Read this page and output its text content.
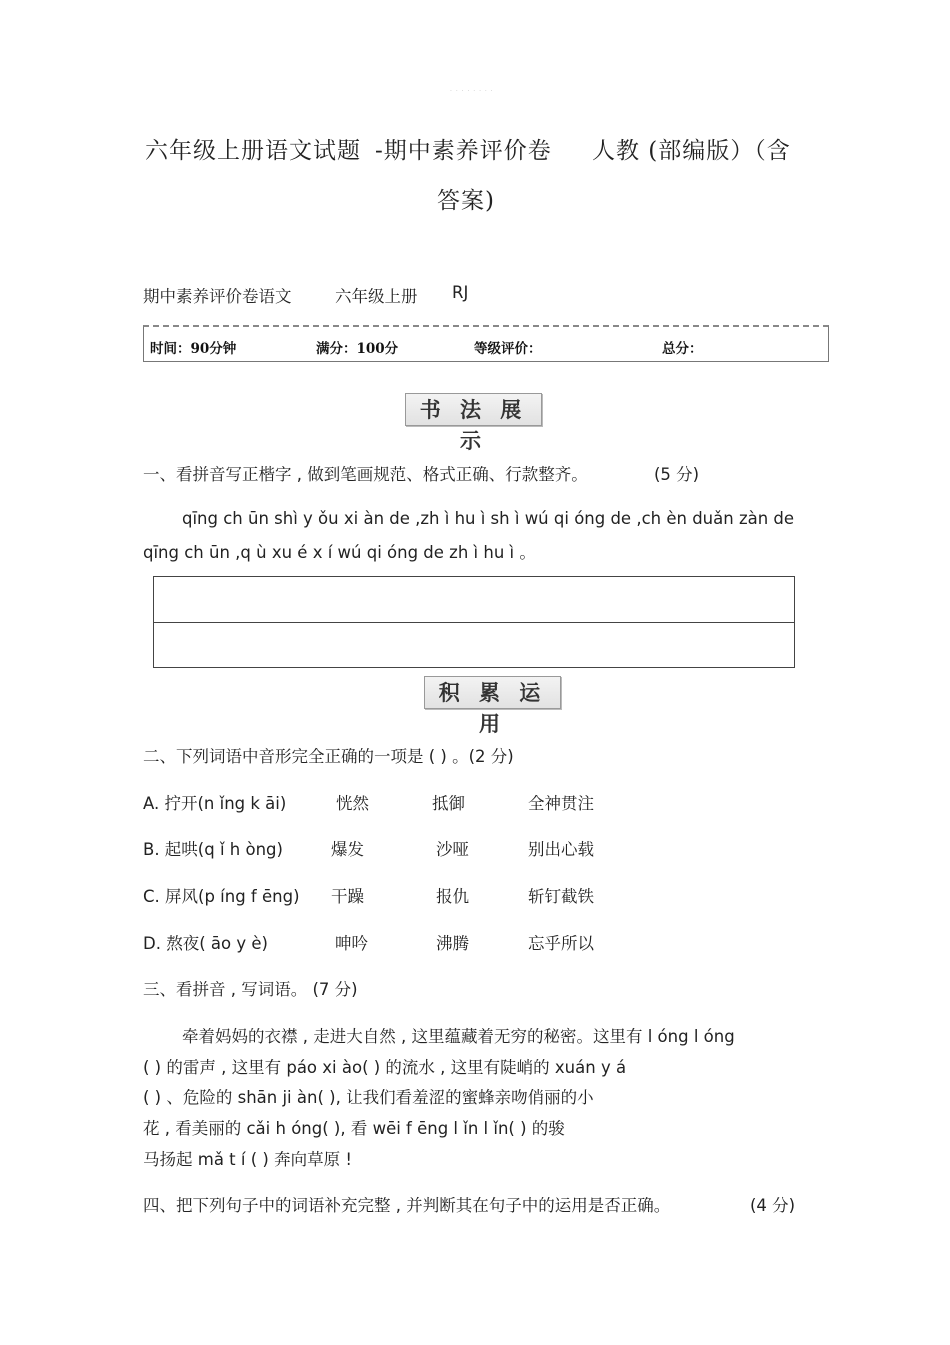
· · · · · · · ·
六年级上册语文试题 -期中素养评价卷 人教 (部编版）（含
答案)
期中素养评价卷语文	六年级上册 RJ
时间：90分钟	满分：100分	等级评价：	总分：
书 法 展 示
一、看拼音写正楷字 , 做到笔画规范、格式正确、行款整齐。	(5 分)
qīng ch ūn shì y ǒu xi àn de ,zh ì hu ì sh ì wú qi óng de ,ch èn duǎn zàn de
qīng ch ūn ,q ù xu é x í wú qi óng de zh ì hu ì 。
积 累 运 用
二、下列词语中音形完全正确的一项是 ( ) 。(2 分)
A. 拧开(n ǐng k āi)	恍然	抵御	全神贯注
B. 起哄(q ǐ h òng)	爆发	沙哑	别出心载
C. 屏风(p íng f ēng) 干躁	报仇	斩钉截铁
D. 熬夜( āo y è)	呻吟	沸腾	忘乎所以
三、看拼音 , 写词语。 (7 分)
牵着妈妈的衣襟 , 走进大自然 , 这里蕴藏着无穷的秘密。这里有 l óng l óng
( ) 的雷声 , 这里有 páo xi ào( ) 的流水 , 这里有陡峭的 xuán y á
( ) 、危险的 shān ji àn( ), 让我们看羞涩的蜜蜂亲吻俏丽的小
花 , 看美丽的 cǎi h óng( ), 看 wēi f ēng l ǐn l ǐn( ) 的骏
马扬起 mǎ t í ( ) 奔向草原 !
四、把下列句子中的词语补充完整 , 并判断其在句子中的运用是否正确。	(4 分)
